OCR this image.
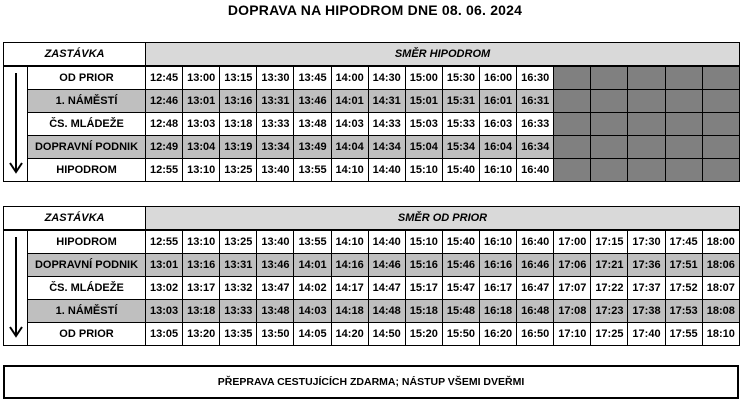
DOPRAVA NA HIPODROM DNE 08. 06. 2024
ZASTÁVKA		SMĚR HIPODROM															

	OD PRIOR	12:45	13:00	13:15	13:30	13:45	14:00	14:30	15:00	15:30	16:00	16:30					
	1. NÁMĚSTÍ	12:46	13:01	13:16	13:31	13:46	14:01	14:31	15:01	15:31	16:01	16:31					
	ČS. MLÁDEŽE	12:48	13:03	13:18	13:33	13:48	14:03	14:33	15:03	15:33	16:03	16:33					
	DOPRAVNÍ PODNIK	12:49	13:04	13:19	13:34	13:49	14:04	14:34	15:04	15:34	16:04	16:34					
	HIPODROM	12:55	13:10	13:25	13:40	13:55	14:10	14:40	15:10	15:40	16:10	16:40					
ZASTÁVKA		SMĚR OD PRIOR															

	HIPODROM	12:55	13:10	13:25	13:40	13:55	14:10	14:40	15:10	15:40	16:10	16:40	17:00	17:15	17:30	17:45	18:00
	DOPRAVNÍ PODNIK	13:01	13:16	13:31	13:46	14:01	14:16	14:46	15:16	15:46	16:16	16:46	17:06	17:21	17:36	17:51	18:06
	ČS. MLÁDEŽE	13:02	13:17	13:32	13:47	14:02	14:17	14:47	15:17	15:47	16:17	16:47	17:07	17:22	17:37	17:52	18:07
	1. NÁMĚSTÍ	13:03	13:18	13:33	13:48	14:03	14:18	14:48	15:18	15:48	16:18	16:48	17:08	17:23	17:38	17:53	18:08
	OD PRIOR	13:05	13:20	13:35	13:50	14:05	14:20	14:50	15:20	15:50	16:20	16:50	17:10	17:25	17:40	17:55	18:10
PŘEPRAVA CESTUJÍCÍCH ZDARMA; NÁSTUP VŠEMI DVEŘMI
